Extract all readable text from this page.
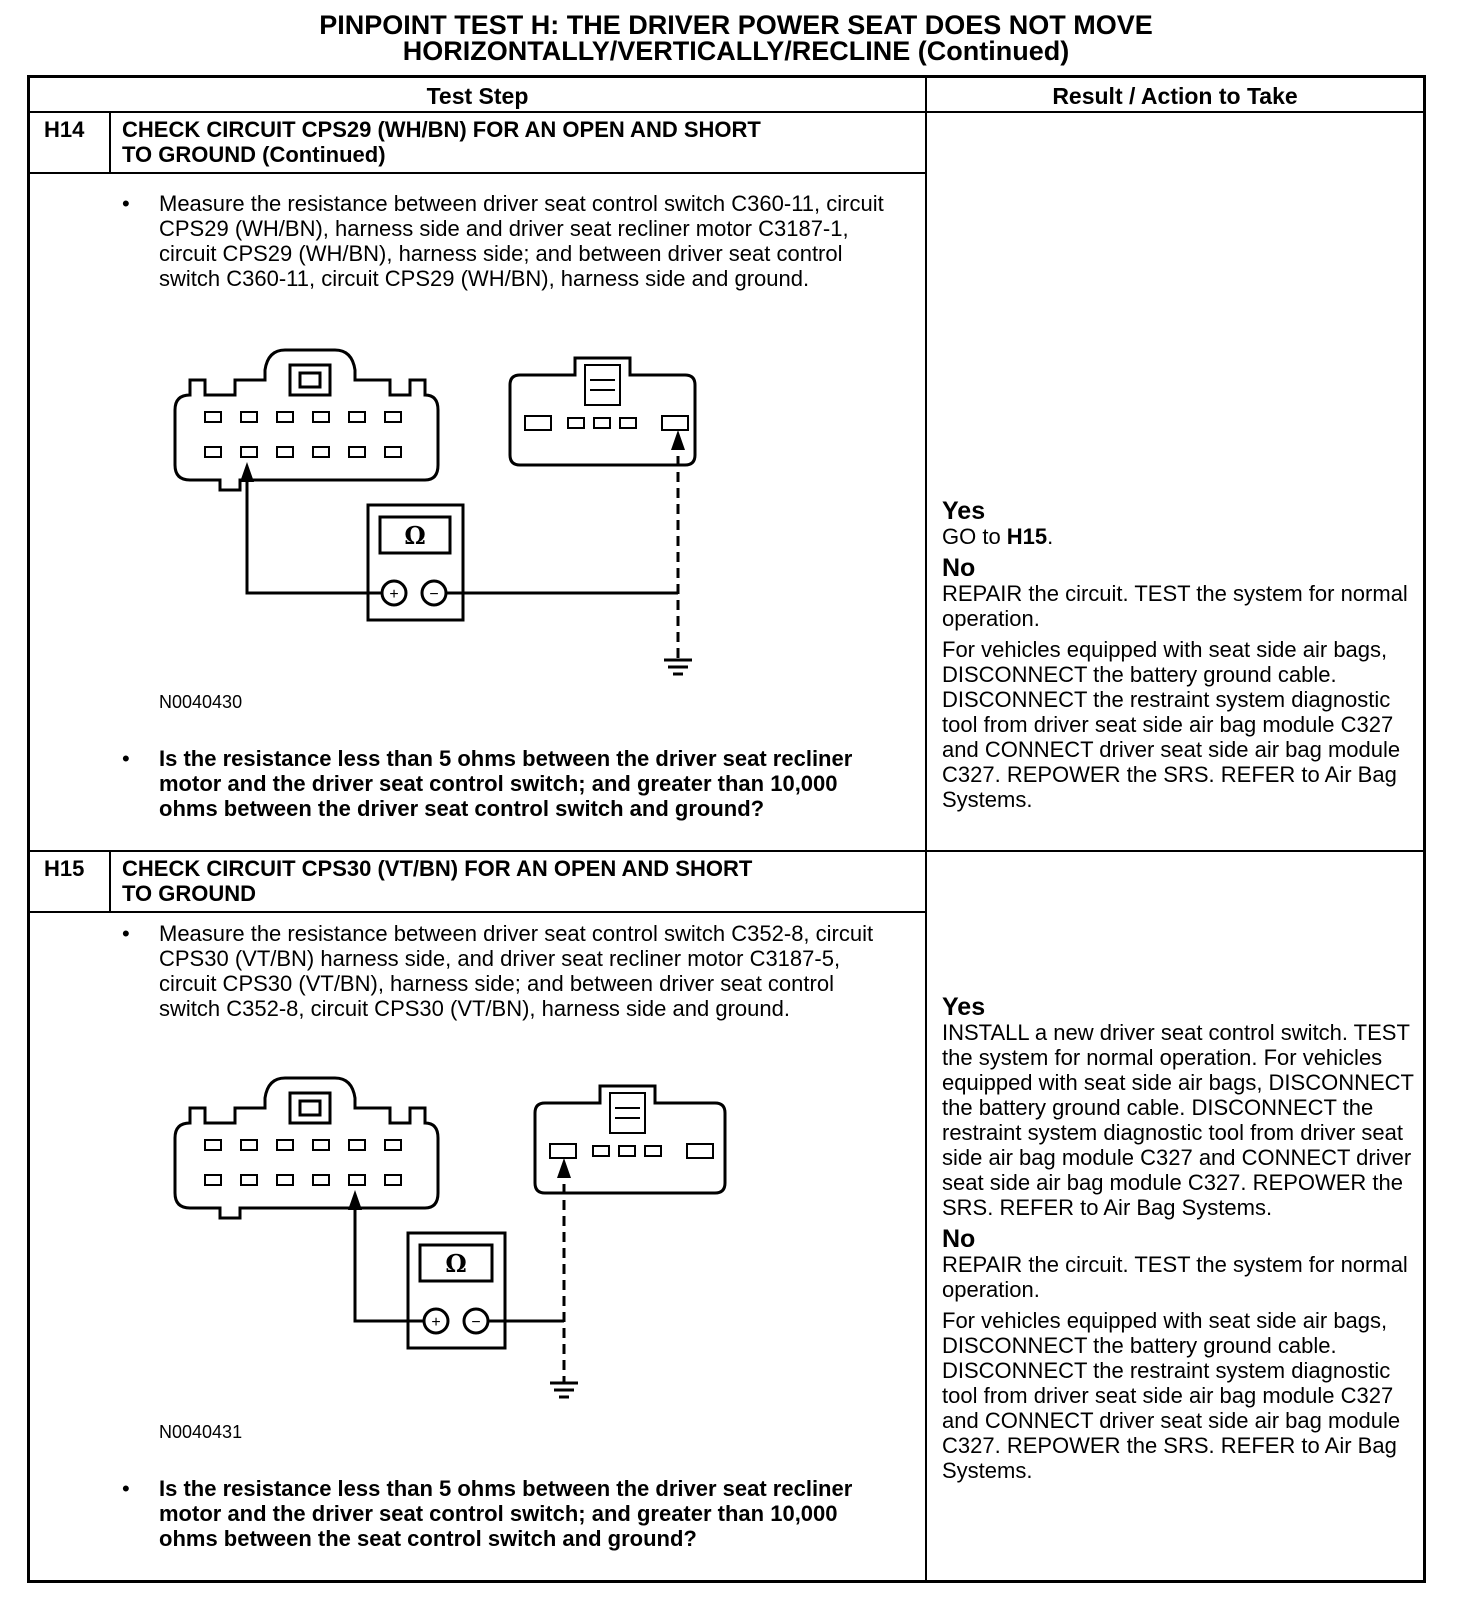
PINPOINT TEST H: THE DRIVER POWER SEAT DOES NOT MOVE
HORIZONTALLY/VERTICALLY/RECLINE (Continued)
Test Step	Result / Action to Take
H14 CHECK CIRCUIT CPS29 (WH/BN) FOR AN OPEN AND SHORT
TO GROUND (Continued)
• Measure the resistance between driver seat control switch C360-11, circuit CPS29 (WH/BN), harness side and driver seat recliner motor C3187-1, circuit CPS29 (WH/BN), harness side; and between driver seat control switch C360-11, circuit CPS29 (WH/BN), harness side and ground.
Ω
+ −
N0040430
• Is the resistance less than 5 ohms between the driver seat recliner motor and the driver seat control switch; and greater than 10,000 ohms between the driver seat control switch and ground?
Yes

GO to H15.

No

REPAIR the circuit. TEST the system for normal operation.

For vehicles equipped with seat side air bags, DISCONNECT the battery ground cable. DISCONNECT the restraint system diagnostic tool from driver seat side air bag module C327 and CONNECT driver seat side air bag module C327. REPOWER the SRS. REFER to Air Bag Systems.

H15 CHECK CIRCUIT CPS30 (VT/BN) FOR AN OPEN AND SHORT
TO GROUND
• Measure the resistance between driver seat control switch C352-8, circuit CPS30 (VT/BN) harness side, and driver seat recliner motor C3187-5, circuit CPS30 (VT/BN), harness side; and between driver seat control switch C352-8, circuit CPS30 (VT/BN), harness side and ground.
Ω
+ −
N0040431
• Is the resistance less than 5 ohms between the driver seat recliner motor and the driver seat control switch; and greater than 10,000 ohms between the seat control switch and ground?
Yes

INSTALL a new driver seat control switch. TEST the system for normal operation. For vehicles equipped with seat side air bags, DISCONNECT the battery ground cable. DISCONNECT the restraint system diagnostic tool from driver seat side air bag module C327 and CONNECT driver seat side air bag module C327. REPOWER the SRS. REFER to Air Bag Systems.

No

REPAIR the circuit. TEST the system for normal operation.

For vehicles equipped with seat side air bags, DISCONNECT the battery ground cable. DISCONNECT the restraint system diagnostic tool from driver seat side air bag module C327 and CONNECT driver seat side air bag module C327. REPOWER the SRS. REFER to Air Bag Systems.
